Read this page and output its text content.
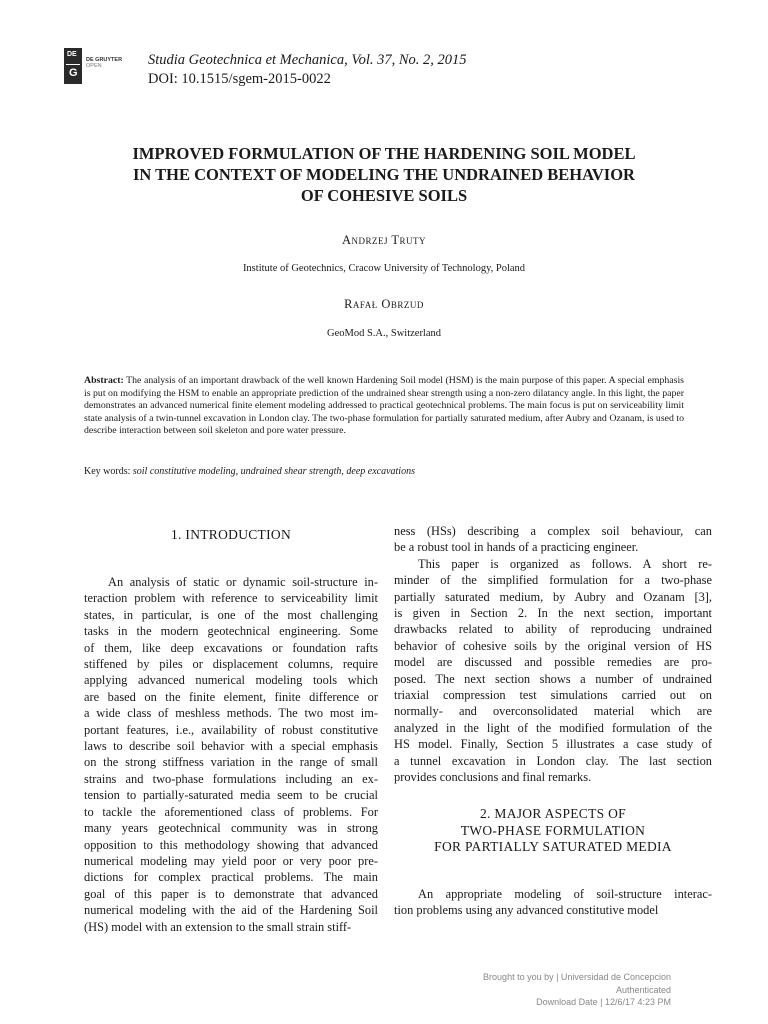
DE
G
DE GRUYTER
OPEN	Studia Geotechnica et Mechanica, Vol. 37, No. 2, 2015
DOI: 10.1515/sgem-2015-0022
IMPROVED FORMULATION OF THE HARDENING SOIL MODEL
IN THE CONTEXT OF MODELING THE UNDRAINED BEHAVIOR
OF COHESIVE SOILS
Andrzej Truty
Institute of Geotechnics, Cracow University of Technology, Poland
Rafał Obrzud
GeoMod S.A., Switzerland
Abstract: The analysis of an important drawback of the well known Hardening Soil model (HSM) is the main purpose of this paper. A special emphasis is put on modifying the HSM to enable an appropriate prediction of the undrained shear strength using a non-zero dilatancy angle. In this light, the paper demonstrates an advanced numerical finite element modeling addressed to practical geotechnical problems. The main focus is put on serviceability limit state analysis of a twin-tunnel excavation in London clay. The two-phase formulation for partially saturated medium, after Aubry and Ozanam, is used to describe interaction between soil skeleton and pore water pressure.
Key words: soil constitutive modeling, undrained shear strength, deep excavations
1. INTRODUCTION
An analysis of static or dynamic soil-structure in-
teraction problem with reference to serviceability limit
states, in particular, is one of the most challenging
tasks in the modern geotechnical engineering. Some
of them, like deep excavations or foundation rafts
stiffened by piles or displacement columns, require
applying advanced numerical modeling tools which
are based on the finite element, finite difference or
a wide class of meshless methods. The two most im-
portant features, i.e., availability of robust constitutive
laws to describe soil behavior with a special emphasis
on the strong stiffness variation in the range of small
strains and two-phase formulations including an ex-
tension to partially-saturated media seem to be crucial
to tackle the aforementioned class of problems. For
many years geotechnical community was in strong
opposition to this methodology showing that advanced
numerical modeling may yield poor or very poor pre-
dictions for complex practical problems. The main
goal of this paper is to demonstrate that advanced
numerical modeling with the aid of the Hardening Soil
(HS) model with an extension to the small strain stiff-
ness (HSs) describing a complex soil behaviour, can
be a robust tool in hands of a practicing engineer.
This paper is organized as follows. A short re-
minder of the simplified formulation for a two-phase
partially saturated medium, by Aubry and Ozanam [3],
is given in Section 2. In the next section, important
drawbacks related to ability of reproducing undrained
behavior of cohesive soils by the original version of HS
model are discussed and possible remedies are pro-
posed. The next section shows a number of undrained
triaxial compression test simulations carried out on
normally- and overconsolidated material which are
analyzed in the light of the modified formulation of the
HS model. Finally, Section 5 illustrates a case study of
a tunnel excavation in London clay. The last section
provides conclusions and final remarks.
2. MAJOR ASPECTS OF
TWO-PHASE FORMULATION
FOR PARTIALLY SATURATED MEDIA
An appropriate modeling of soil-structure interac-
tion problems using any advanced constitutive model
Brought to you by | Universidad de Concepcion
Authenticated
Download Date | 12/6/17 4:23 PM
